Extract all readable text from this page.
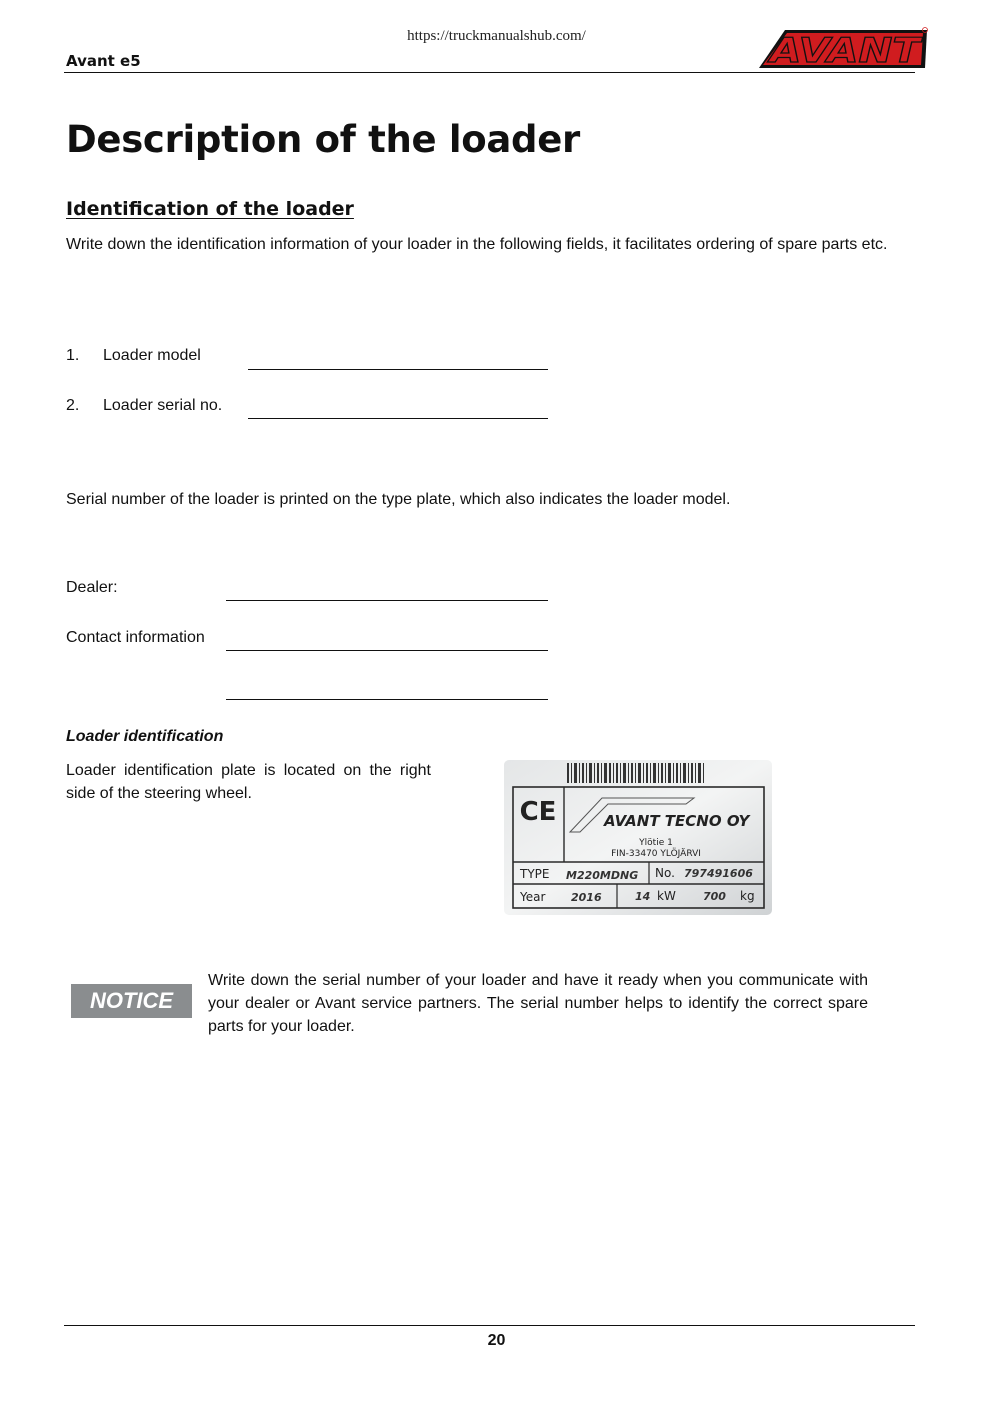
https://truckmanualshub.com/
Avant e5	AVANT
Description of the loader
Identification of the loader
Write down the identification information of your loader in the following fields, it facilitates ordering of spare parts etc.
1. Loader model
2. Loader serial no.
Serial number of the loader is printed on the type plate, which also indicates the loader model.
Dealer:
Contact information
Loader identification
Loader identification plate is located on the right side of the steering wheel.
CE	AVANT TECNO OY
Ylötie 1
FIN-33470 YLÖJÄRVI
TYPE M220MDNG No. 797491606
Year 2016	14 kW 700 kg
NOTICE
Write down the serial number of your loader and have it ready when you communicate with your dealer or Avant service partners. The serial number helps to identify the correct spare parts for your loader.
20
